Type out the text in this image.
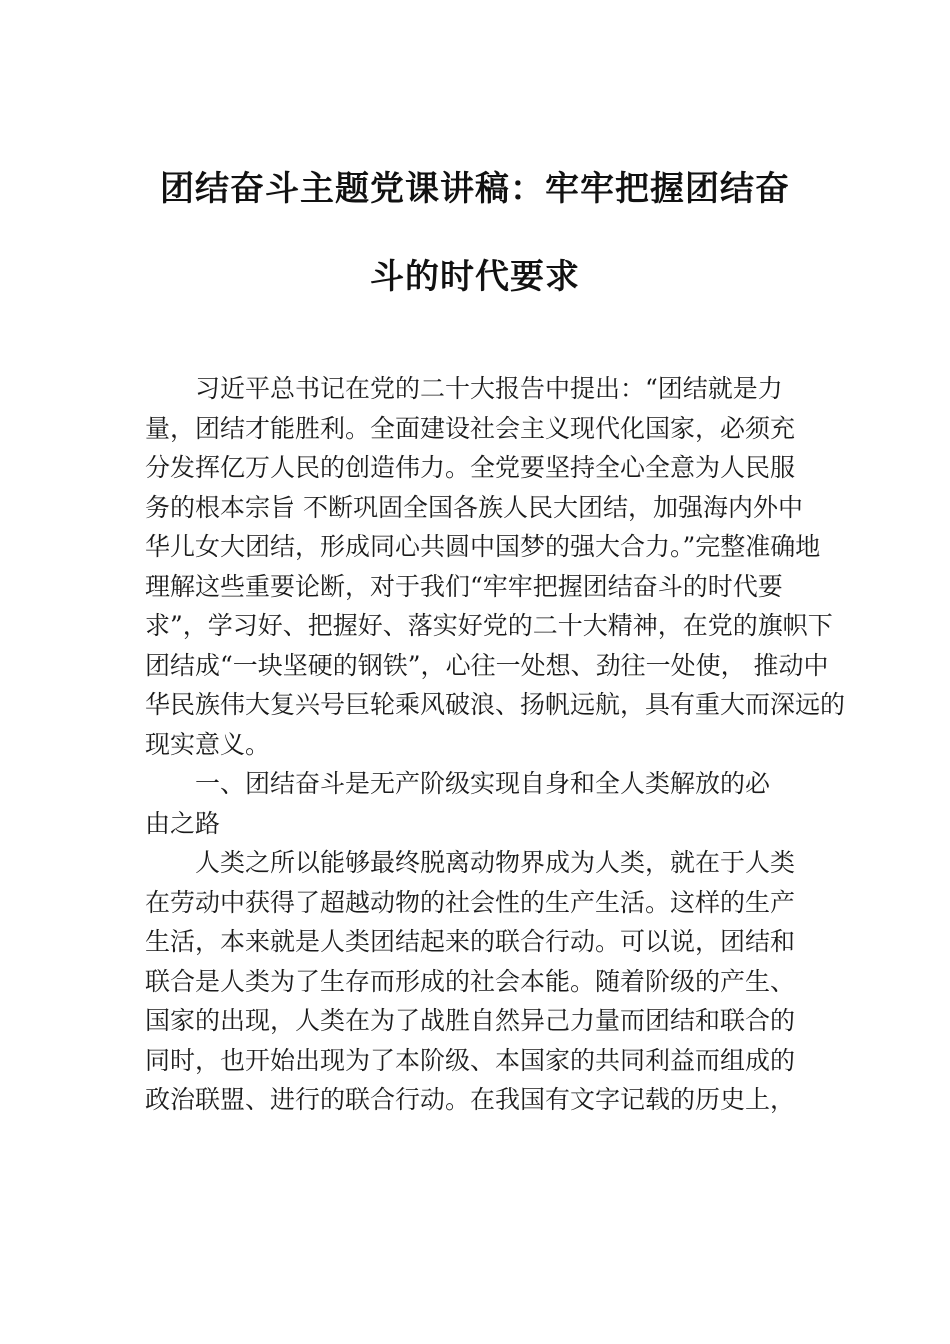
团结奋斗主题党课讲稿：牢牢把握团结奋
斗的时代要求
习近平总书记在党的二十大报告中提出：“团结就是力
量，团结才能胜利。全面建设社会主义现代化国家，必须充
分发挥亿万人民的创造伟力。全党要坚持全心全意为人民服
务的根本宗旨 不断巩固全国各族人民大团结，加强海内外中
华儿女大团结，形成同心共圆中国梦的强大合力。”完整准确地
理解这些重要论断，对于我们“牢牢把握团结奋斗的时代要
求”，学习好、把握好、落实好党的二十大精神，在党的旗帜下
团结成“一块坚硬的钢铁”，心往一处想、劲往一处使， 推动中
华民族伟大复兴号巨轮乘风破浪、扬帆远航，具有重大而深远的
现实意义。
一、团结奋斗是无产阶级实现自身和全人类解放的必
由之路
人类之所以能够最终脱离动物界成为人类，就在于人类
在劳动中获得了超越动物的社会性的生产生活。这样的生产
生活，本来就是人类团结起来的联合行动。可以说，团结和
联合是人类为了生存而形成的社会本能。随着阶级的产生、
国家的出现，人类在为了战胜自然异己力量而团结和联合的
同时，也开始出现为了本阶级、本国家的共同利益而组成的
政治联盟、进行的联合行动。在我国有文字记载的历史上，
